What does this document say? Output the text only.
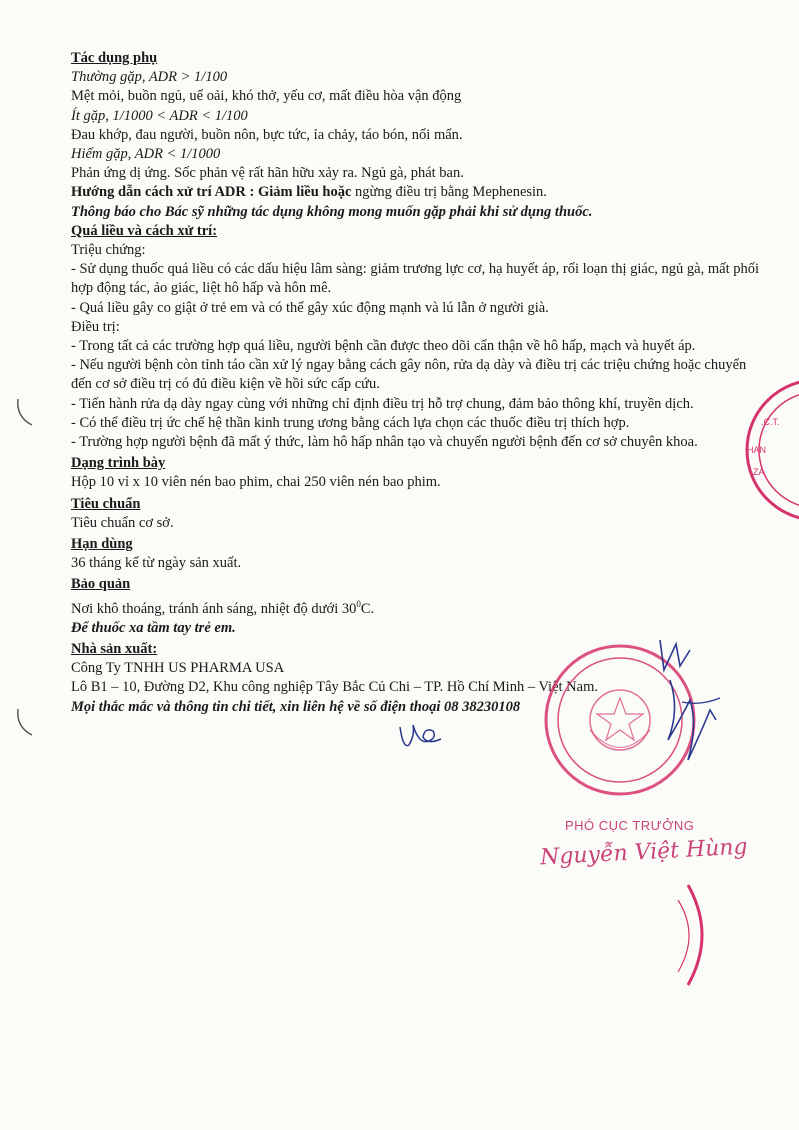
Tác dụng phụ

Thường gặp, ADR > 1/100

Mệt mỏi, buồn ngủ, uể oải, khó thở, yếu cơ, mất điều hòa vận động

Ít gặp, 1/1000 < ADR < 1/100

Đau khớp, đau người, buồn nôn, bực tức, ỉa chảy, táo bón, nổi mẩn.

Hiếm gặp, ADR < 1/1000

Phản ứng dị ứng. Sốc phản vệ rất hãn hữu xảy ra. Ngủ gà, phát ban.

Hướng dẫn cách xử trí ADR : Giảm liều hoặc ngừng điều trị bằng Mephenesin.

Thông báo cho Bác sỹ những tác dụng không mong muốn gặp phải khi sử dụng thuốc.

Quá liều và cách xử trí:

Triệu chứng:

- Sử dụng thuốc quá liều có các dấu hiệu lâm sàng: giảm trương lực cơ, hạ huyết áp, rối loạn thị giác, ngủ gà, mất phối hợp động tác, ảo giác, liệt hô hấp và hôn mê.

- Quá liều gây co giật ở trẻ em và có thể gây xúc động mạnh và lú lẫn ở người già.

Điều trị:

- Trong tất cả các trường hợp quá liều, người bệnh cần được theo dõi cẩn thận về hô hấp, mạch và huyết áp.

- Nếu người bệnh còn tỉnh táo cần xử lý ngay bằng cách gây nôn, rửa dạ dày và điều trị các triệu chứng hoặc chuyển đến cơ sở điều trị có đủ điều kiện về hồi sức cấp cứu.

- Tiến hành rửa dạ dày ngay cùng với những chỉ định điều trị hỗ trợ chung, đảm bảo thông khí, truyền dịch.

- Có thể điều trị ức chế hệ thần kinh trung ương bằng cách lựa chọn các thuốc điều trị thích hợp.

- Trường hợp người bệnh đã mất ý thức, làm hô hấp nhân tạo và chuyển người bệnh đến cơ sở chuyên khoa.

Dạng trình bày

Hộp 10 vỉ x 10 viên nén bao phim, chai 250 viên nén bao phim.

Tiêu chuẩn

Tiêu chuẩn cơ sở.

Hạn dùng

36 tháng kể từ ngày sản xuất.

Bảo quản

Nơi khô thoáng, tránh ánh sáng, nhiệt độ dưới $30^0C$.

Để thuốc xa tầm tay trẻ em.

Nhà sản xuất:

Công Ty TNHH US PHARMA USA

Lô B1 – 10, Đường D2, Khu công nghiệp Tây Bắc Củ Chi – TP. Hồ Chí Minh – Việt Nam.

Mọi thắc mắc và thông tin chi tiết, xin liên hệ về số điện thoại 08 38230108

.C.T.
HAN
ZA
PHÓ CỤC TRƯỞNG
Nguyễn Việt Hùng
